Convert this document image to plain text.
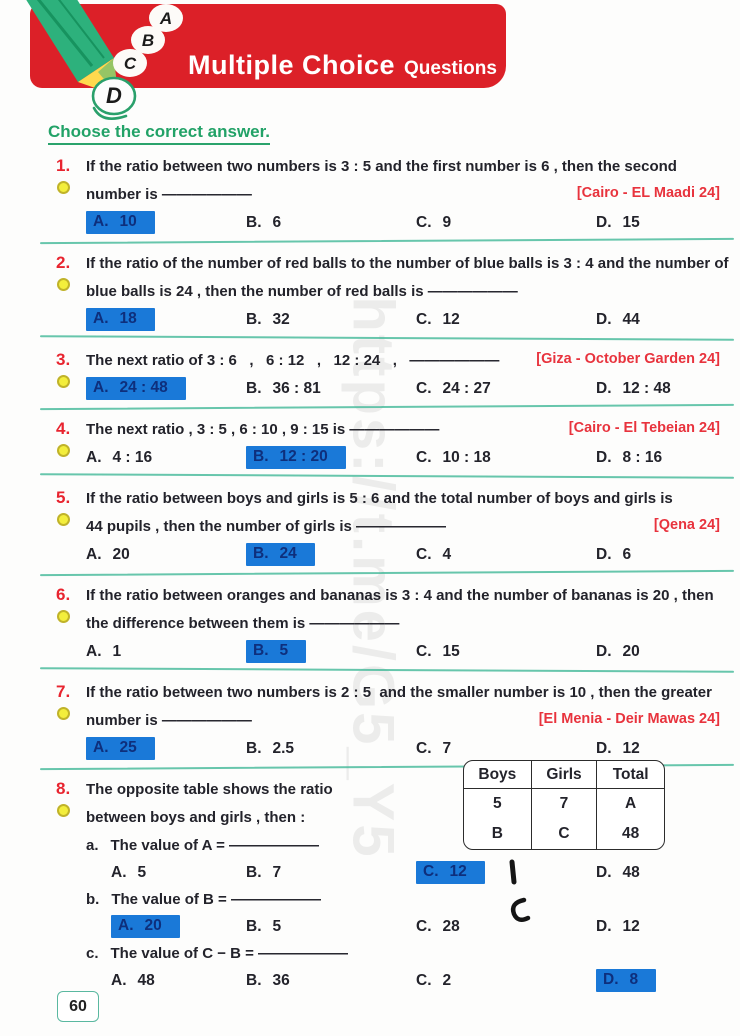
Multiple Choice Questions
A
B
C
D
https://t.me/G5_Y5
Choose the correct answer.
1.	If the ratio between two numbers is 3 : 5 and the first number is 6 , then the second
number is ——————	[Cairo - EL Maadi 24]
A. 10	B. 6	C. 9	D. 15
2.	If the ratio of the number of red balls to the number of blue balls is 3 : 4 and the number of
blue balls is 24 , then the number of red balls is ——————
A. 18	B. 32	C. 12	D. 44
3.	The next ratio of 3 : 6   ,   6 : 12   ,   12 : 24   ,   ——————	[Giza - October Garden 24]
A. 24 : 48	B. 36 : 81	C. 24 : 27	D. 12 : 48
4.	The next ratio , 3 : 5 , 6 : 10 , 9 : 15 is ——————	[Cairo - El Tebeian 24]
A. 4 : 16	B. 12 : 20	C. 10 : 18	D. 8 : 16
5.	If the ratio between boys and girls is 5 : 6 and the total number of boys and girls is
44 pupils , then the number of girls is ——————	[Qena 24]
A. 20	B. 24	C. 4	D. 6
6.	If the ratio between oranges and bananas is 3 : 4 and the number of bananas is 20 , then
the difference between them is ——————
A. 1	B. 5	C. 15	D. 20
7.	If the ratio between two numbers is 2 : 5  and the smaller number is 10 , then the greater
number is ——————	[El Menia - Deir Mawas 24]
A. 25	B. 2.5	C. 7	D. 12
8.	The opposite table shows the ratio
between boys and girls , then :
Boys	Girls	Total
5	7	A
B	C	48
a. The value of A = ——————
A. 5	B. 7	C. 12	D. 48
b. The value of B = ——————
A. 20	B. 5	C. 28	D. 12
c. The value of C − B = ——————
A. 48	B. 36	C. 2	D. 8
60
